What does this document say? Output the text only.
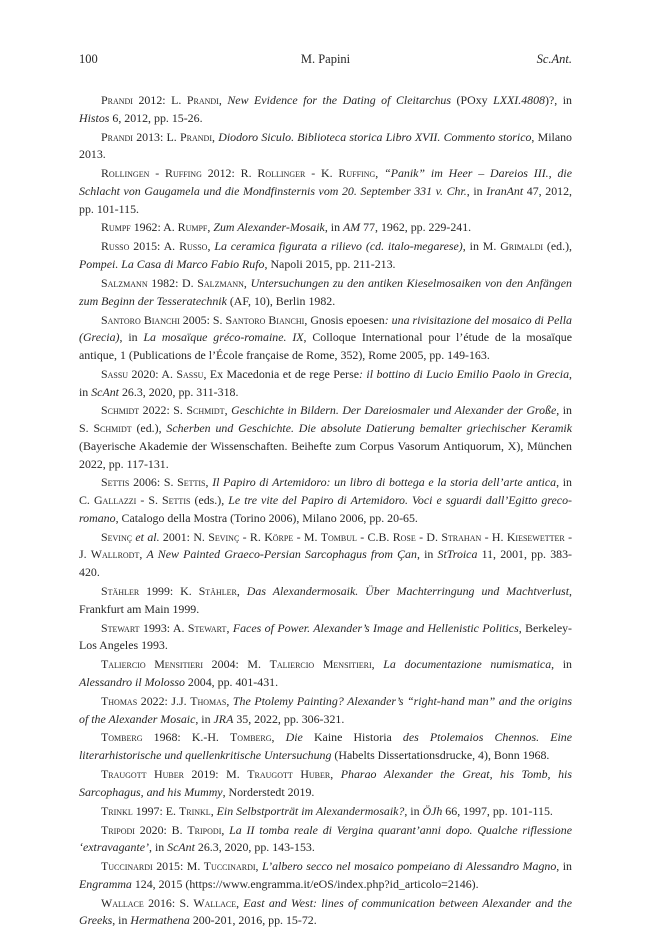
100	M. Papini	Sc.Ant.

Prandi 2012: L. Prandi, New Evidence for the Dating of Cleitarchus (POxy LXXI.4808)?, in Histos 6, 2012, pp. 15-26.

Prandi 2013: L. Prandi, Diodoro Siculo. Biblioteca storica Libro XVII. Commento storico, Milano 2013.

Rollingen - Ruffing 2012: R. Rollinger - K. Ruffing, “Panik” im Heer – Dareios III., die Schlacht von Gaugamela und die Mondfinsternis vom 20. September 331 v. Chr., in IranAnt 47, 2012, pp. 101-115.

Rumpf 1962: A. Rumpf, Zum Alexander-Mosaik, in AM 77, 1962, pp. 229-241.

Russo 2015: A. Russo, La ceramica figurata a rilievo (cd. italo-megarese), in M. Grimaldi (ed.), Pompei. La Casa di Marco Fabio Rufo, Napoli 2015, pp. 211-213.

Salzmann 1982: D. Salzmann, Untersuchungen zu den antiken Kieselmosaiken von den Anfängen zum Beginn der Tesseratechnik (AF, 10), Berlin 1982.

Santoro Bianchi 2005: S. Santoro Bianchi, Gnosis epoesen: una rivisitazione del mosaico di Pella (Grecia), in La mosaïque gréco-romaine. IX, Colloque International pour l’étude de la mosaïque antique, 1 (Publications de l’École française de Rome, 352), Rome 2005, pp. 149-163.

Sassu 2020: A. Sassu, Ex Macedonia et de rege Perse: il bottino di Lucio Emilio Paolo in Grecia, in ScAnt 26.3, 2020, pp. 311-318.

Schmidt 2022: S. Schmidt, Geschichte in Bildern. Der Dareiosmaler und Alexander der Große, in S. Schmidt (ed.), Scherben und Geschichte. Die absolute Datierung bemalter griechischer Keramik (Bayerische Akademie der Wissenschaften. Beihefte zum Corpus Vasorum Antiquorum, X), München 2022, pp. 117-131.

Settis 2006: S. Settis, Il Papiro di Artemidoro: un libro di bottega e la storia dell’arte antica, in C. Gallazzi - S. Settis (eds.), Le tre vite del Papiro di Artemidoro. Voci e sguardi dall’Egitto greco-romano, Catalogo della Mostra (Torino 2006), Milano 2006, pp. 20-65.

Sevinç et al. 2001: N. Sevinç - R. Körpe - M. Tombul - C.B. Rose - D. Strahan - H. Kiesewetter - J. Wallrodt, A New Painted Graeco-Persian Sarcophagus from Çan, in StTroica 11, 2001, pp. 383-420.

Stähler 1999: K. Stähler, Das Alexandermosaik. Über Machterringung und Machtverlust, Frankfurt am Main 1999.

Stewart 1993: A. Stewart, Faces of Power. Alexander’s Image and Hellenistic Politics, Berkeley-Los Angeles 1993.

Taliercio Mensitieri 2004: M. Taliercio Mensitieri, La documentazione numismatica, in Alessandro il Molosso 2004, pp. 401-431.

Thomas 2022: J.J. Thomas, The Ptolemy Painting? Alexander’s “right-hand man” and the origins of the Alexander Mosaic, in JRA 35, 2022, pp. 306-321.

Tomberg 1968: K.-H. Tomberg, Die Kaine Historia des Ptolemaios Chennos. Eine literarhistorische und quellenkritische Untersuchung (Habelts Dissertationsdrucke, 4), Bonn 1968.

Traugott Huber 2019: M. Traugott Huber, Pharao Alexander the Great, his Tomb, his Sarcophagus, and his Mummy, Norderstedt 2019.

Trinkl 1997: E. Trinkl, Ein Selbstporträt im Alexandermosaik?, in ÖJh 66, 1997, pp. 101-115.

Tripodi 2020: B. Tripodi, La II tomba reale di Vergina quarant’anni dopo. Qualche riflessione ‘extravagante’, in ScAnt 26.3, 2020, pp. 143-153.

Tuccinardi 2015: M. Tuccinardi, L’albero secco nel mosaico pompeiano di Alessandro Magno, in Engramma 124, 2015 (https://www.engramma.it/eOS/index.php?id_articolo=2146).

Wallace 2016: S. Wallace, East and West: lines of communication between Alexander and the Greeks, in Hermathena 200-201, 2016, pp. 15-72.
